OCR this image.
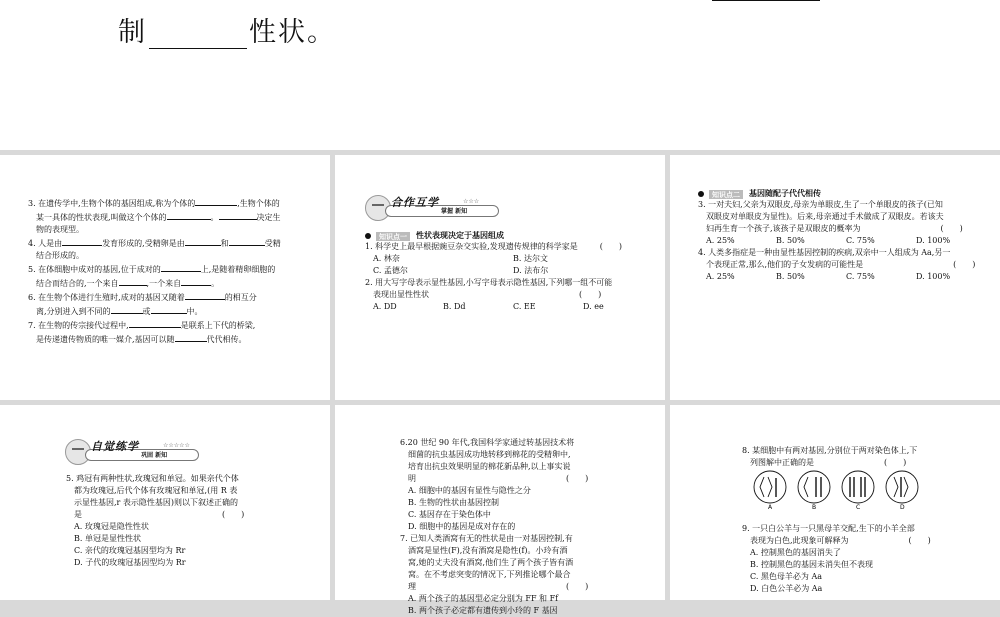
制	性状。
3. 在遗传学中,生物个体的基因组成,称为个体的	,生物个体的
某一具体的性状表现,叫做这个个体的	。	决定生
物的表现型。
4. 人是由	发育形成的,受精卵是由	和	受精
结合形成的。
5. 在体细胞中成对的基因,位于成对的	上,是随着精卵细胞的
结合而结合的,一个来自	,一个来自	。
6. 在生物个体进行生殖时,成对的基因又随着	的相互分
离,分别进入到不同的	或	中。
7. 在生物的传宗接代过程中,	是联系上下代的桥梁,
是传递遗传物质的唯一媒介,基因可以随	代代相传。
合作互学
掌握 新知
☆☆☆
知识点一 性状表现决定于基因组成
1. 科学史上最早根据豌豆杂交实验,发现遗传规律的科学家是	(　　)
A. 林奈	B. 达尔文
C. 孟德尔	D. 法布尔
2. 用大写字母表示显性基因,小写字母表示隐性基因,下列哪一组不可能
表现出显性性状	(　　)
A. DD	B. Dd	C. EE	D. ee
知识点二 基因随配子代代相传
3. 一对夫妇,父亲为双眼皮,母亲为单眼皮,生了一个单眼皮的孩子(已知
双眼皮对单眼皮为显性)。后来,母亲通过手术做成了双眼皮。若该夫
妇再生育一个孩子,该孩子是双眼皮的概率为	(　　)
A. 25%	B. 50%	C. 75%	D. 100%
4. 人类多指症是一种由显性基因控制的疾病,双亲中一人组成为 Aa,另一
个表现正常,那么,他们的子女发病的可能性是	(　　)
A. 25%	B. 50%	C. 75%	D. 100%
自觉练学
巩固 新知
☆☆☆☆☆
5. 鸡冠有两种性状,玫瑰冠和单冠。如果亲代个体
都为玫瑰冠,后代个体有玫瑰冠和单冠,(用 R 表
示显性基因,r 表示隐性基因)则以下叙述正确的
是	(　　)
A. 玫瑰冠是隐性性状
B. 单冠是显性性状
C. 亲代的玫瑰冠基因型均为 Rr
D. 子代的玫瑰冠基因型均为 Rr
6.20 世纪 90 年代,我国科学家通过转基因技术将
细菌的抗虫基因成功地转移到棉花的受精卵中,
培育出抗虫效果明显的棉花新品种,以上事实说
明	(　　)
A. 细胞中的基因有显性与隐性之分
B. 生物的性状由基因控制
C. 基因存在于染色体中
D. 细胞中的基因是成对存在的
7. 已知人类酒窝有无的性状是由一对基因控制,有
酒窝是显性(F),没有酒窝是隐性(f)。小玲有酒
窝,她的丈夫没有酒窝,他们生了两个孩子皆有酒
窝。在不考虑突变的情况下,下列推论哪个最合
理	(　　)
A. 两个孩子的基因型必定分别为 FF 和 Ff
B. 两个孩子必定都有遗传到小玲的 F 基因
8. 某细胞中有两对基因,分别位于两对染色体上,下
列图解中正确的是	(　　)
9. 一只白公羊与一只黑母羊交配,生下的小羊全部
表现为白色,此现象可解释为	(　　)
A. 控制黑色的基因消失了
B. 控制黑色的基因未消失但不表现
C. 黑色母羊必为 Aa
D. 白色公羊必为 Aa
A	B	C	D
